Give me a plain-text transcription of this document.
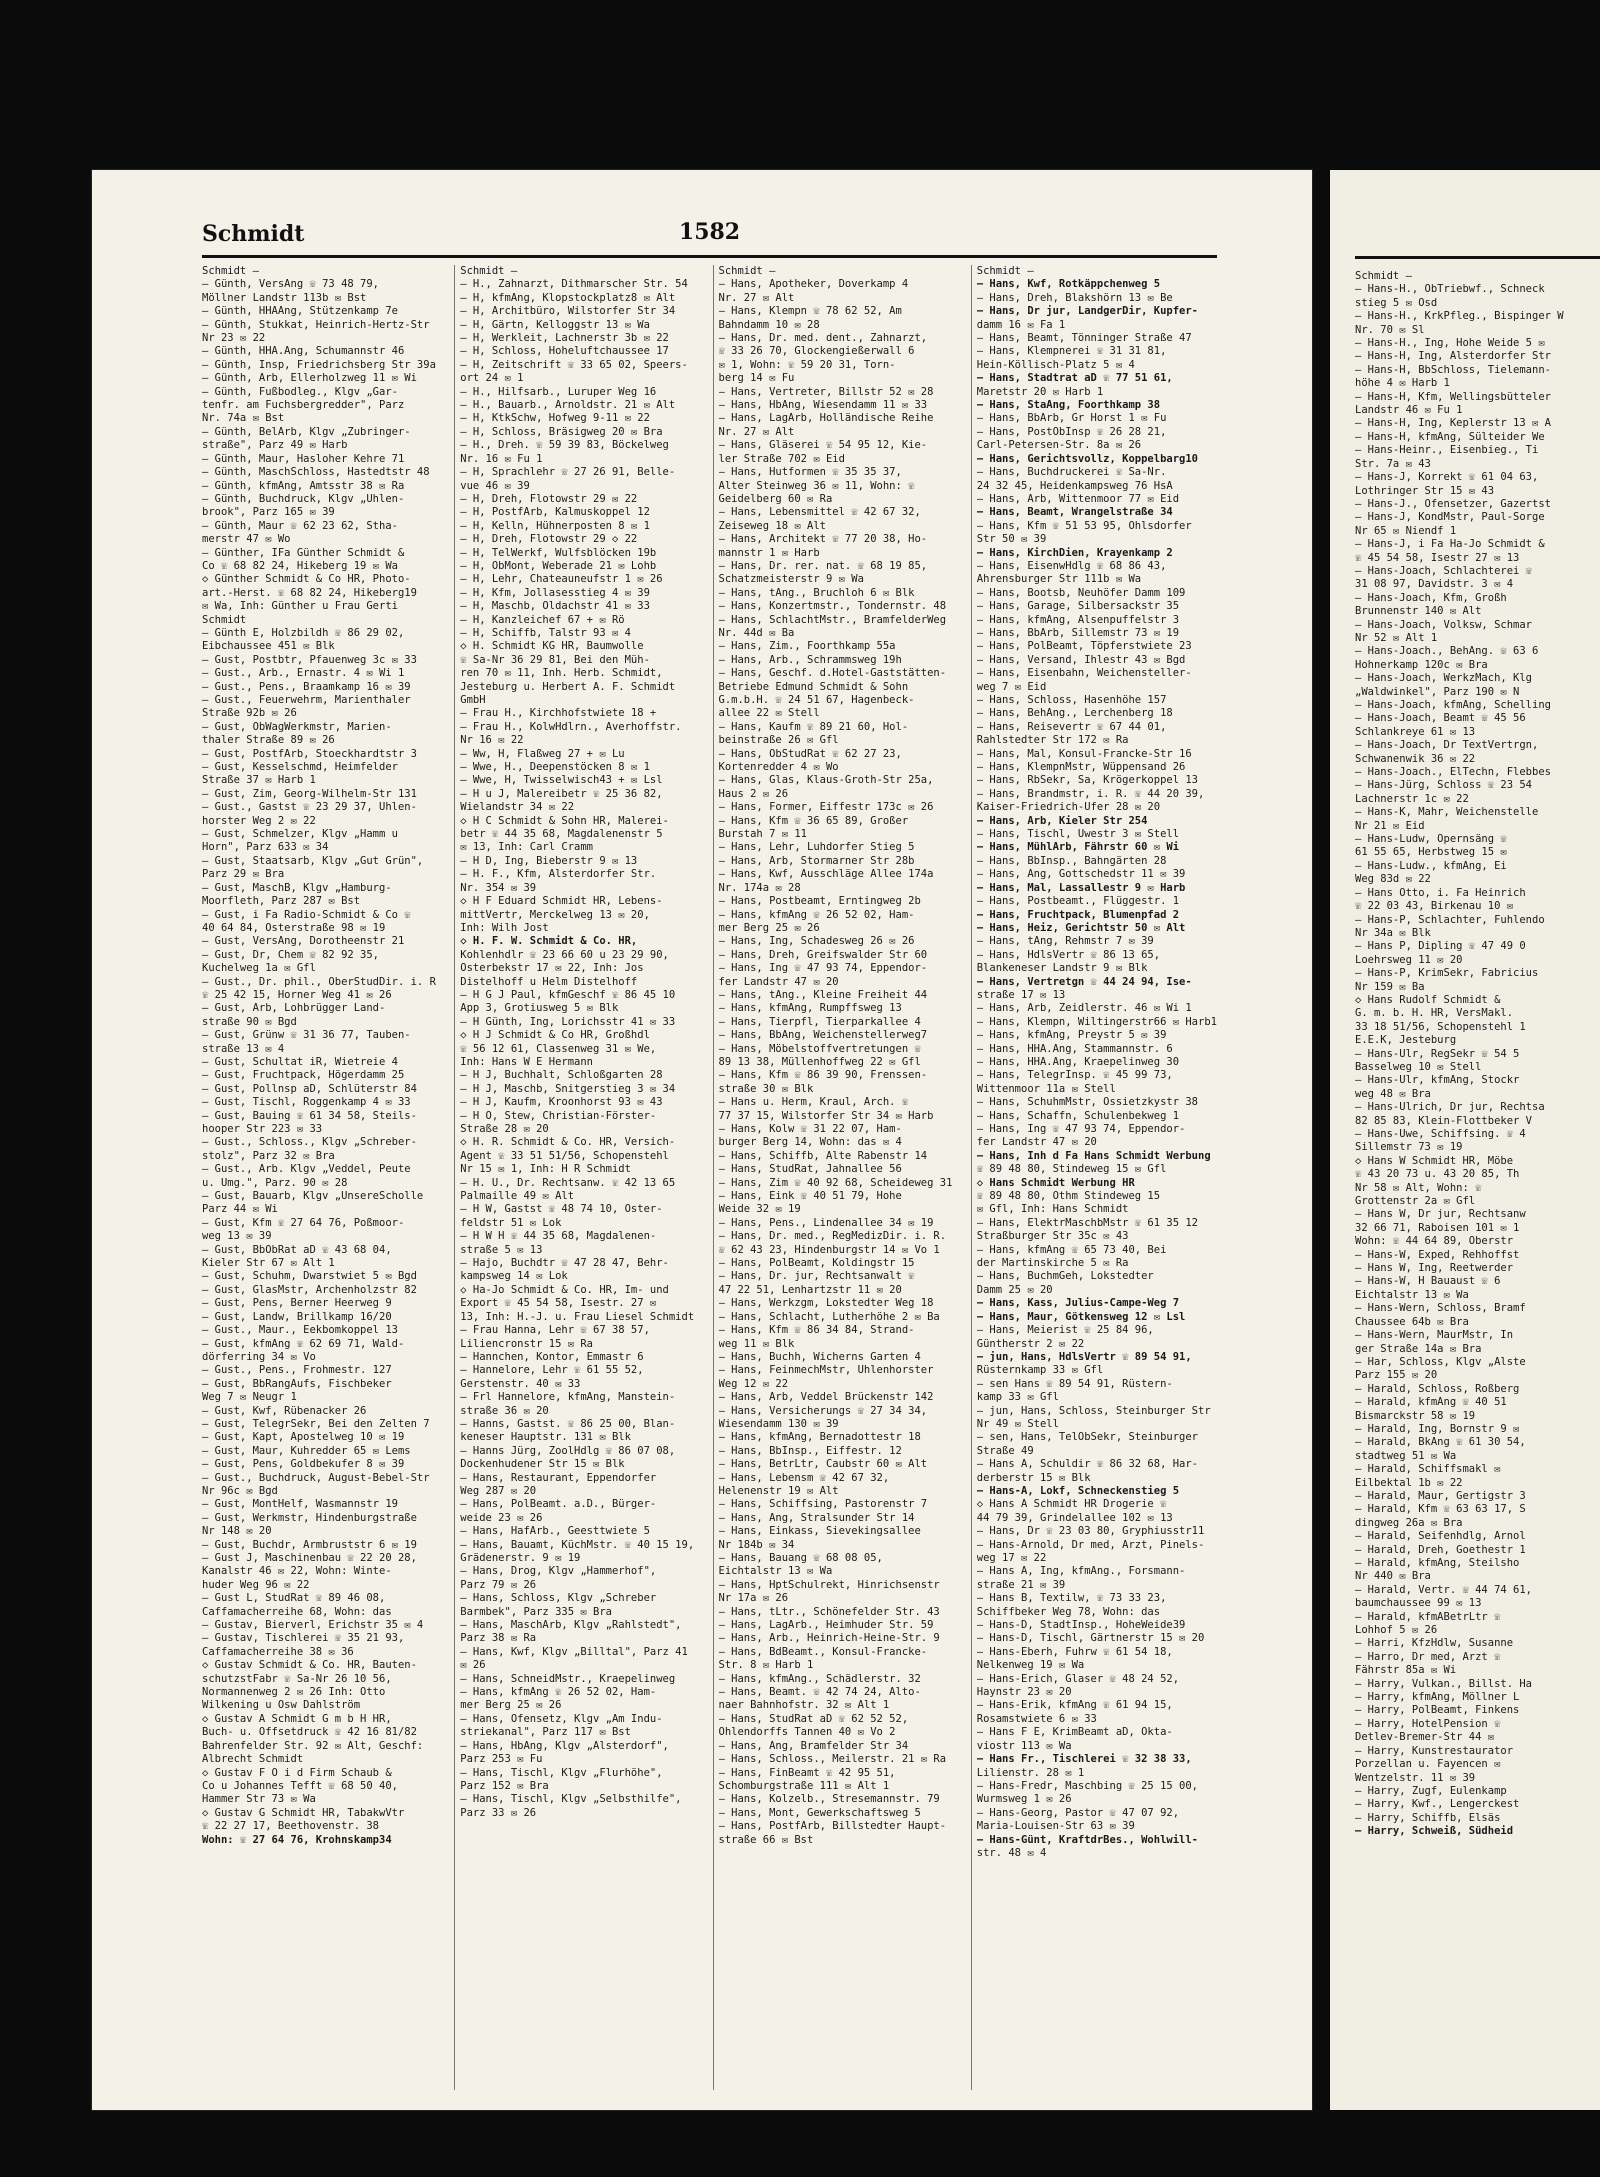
Schmidt	1582
Schmidt —
— Günth, VersAng ☏ 73 48 79,
Möllner Landstr 113b ✉ Bst
— Günth, HHAAng, Stützenkamp 7e
— Günth, Stukkat, Heinrich-Hertz-Str
Nr 23 ✉ 22
— Günth, HHA.Ang, Schumannstr 46
— Günth, Insp, Friedrichsberg Str 39a
— Günth, Arb, Ellerholzweg 11 ✉ Wi
— Günth, Fußbodleg., Klgv „Gar-
tenfr. am Fuchsbergredder", Parz
Nr. 74a ✉ Bst
— Günth, BelArb, Klgv „Zubringer-
straße", Parz 49 ✉ Harb
— Günth, Maur, Hasloher Kehre 71
— Günth, MaschSchloss, Hastedtstr 48
— Günth, kfmAng, Amtsstr 38 ✉ Ra
— Günth, Buchdruck, Klgv „Uhlen-
brook", Parz 165 ✉ 39
— Günth, Maur ☏ 62 23 62, Stha-
merstr 47 ✉ Wo
— Günther, IFa Günther Schmidt &
Co ☏ 68 82 24, Hikeberg 19 ✉ Wa
◇ Günther Schmidt & Co HR, Photo-
art.-Herst. ☏ 68 82 24, Hikeberg19
✉ Wa, Inh: Günther u Frau Gerti
Schmidt
— Günth E, Holzbildh ☏ 86 29 02,
Eibchaussee 451 ✉ Blk
— Gust, Postbtr, Pfauenweg 3c ✉ 33
— Gust., Arb., Ernastr. 4 ✉ Wi 1
— Gust., Pens., Braamkamp 16 ✉ 39
— Gust., Feuerwehrm, Marienthaler
Straße 92b ✉ 26
— Gust, ObWagWerkmstr, Marien-
thaler Straße 89 ✉ 26
— Gust, PostfArb, Stoeckhardtstr 3
— Gust, Kesselschmd, Heimfelder
Straße 37 ✉ Harb 1
— Gust, Zim, Georg-Wilhelm-Str 131
— Gust., Gastst ☏ 23 29 37, Uhlen-
horster Weg 2 ✉ 22
— Gust, Schmelzer, Klgv „Hamm u
Horn", Parz 633 ✉ 34
— Gust, Staatsarb, Klgv „Gut Grün",
Parz 29 ✉ Bra
— Gust, MaschB, Klgv „Hamburg-
Moorfleth, Parz 287 ✉ Bst
— Gust, i Fa Radio-Schmidt & Co ☏
40 64 84, Osterstraße 98 ✉ 19
— Gust, VersAng, Dorotheenstr 21
— Gust, Dr, Chem ☏ 82 92 35,
Kuchelweg 1a ✉ Gfl
— Gust., Dr. phil., OberStudDir. i. R
☏ 25 42 15, Horner Weg 41 ✉ 26
— Gust, Arb, Lohbrügger Land-
straße 90 ✉ Bgd
— Gust, Grünw ☏ 31 36 77, Tauben-
straße 13 ✉ 4
— Gust, Schultat iR, Wietreie 4
— Gust, Fruchtpack, Högerdamm 25
— Gust, Pollnsp aD, Schlüterstr 84
— Gust, Tischl, Roggenkamp 4 ✉ 33
— Gust, Bauing ☏ 61 34 58, Steils-
hooper Str 223 ✉ 33
— Gust., Schloss., Klgv „Schreber-
stolz", Parz 32 ✉ Bra
— Gust., Arb. Klgv „Veddel, Peute
u. Umg.", Parz. 90 ✉ 28
— Gust, Bauarb, Klgv „UnsereScholle
Parz 44 ✉ Wi
— Gust, Kfm ☏ 27 64 76, Poßmoor-
weg 13 ✉ 39
— Gust, BbObRat aD ☏ 43 68 04,
Kieler Str 67 ✉ Alt 1
— Gust, Schuhm, Dwarstwiet 5 ✉ Bgd
— Gust, GlasMstr, Archenholzstr 82
— Gust, Pens, Berner Heerweg 9
— Gust, Landw, Brillkamp 16/20
— Gust., Maur., Eekbomkoppel 13
— Gust, kfmAng ☏ 62 69 71, Wald-
dörferring 34 ✉ Vo
— Gust., Pens., Frohmestr. 127
— Gust, BbRangAufs, Fischbeker
Weg 7 ✉ Neugr 1
— Gust, Kwf, Rübenacker 26
— Gust, TelegrSekr, Bei den Zelten 7
— Gust, Kapt, Apostelweg 10 ✉ 19
— Gust, Maur, Kuhredder 65 ✉ Lems
— Gust, Pens, Goldbekufer 8 ✉ 39
— Gust., Buchdruck, August-Bebel-Str
Nr 96c ✉ Bgd
— Gust, MontHelf, Wasmannstr 19
— Gust, Werkmstr, Hindenburgstraße
Nr 148 ✉ 20
— Gust, Buchdr, Armbruststr 6 ✉ 19
— Gust J, Maschinenbau ☏ 22 20 28,
Kanalstr 46 ✉ 22, Wohn: Winte-
huder Weg 96 ✉ 22
— Gust L, StudRat ☏ 89 46 08,
Caffamacherreihe 68, Wohn: das
— Gustav, Bierverl, Erichstr 35 ✉ 4
— Gustav, Tischlerei ☏ 35 21 93,
Caffamacherreihe 38 ✉ 36
◇ Gustav Schmidt & Co. HR, Bauten-
schutzstFabr ☏ Sa-Nr 26 10 56,
Normannenweg 2 ✉ 26 Inh: Otto
Wilkening u Osw Dahlström
◇ Gustav A Schmidt G m b H HR,
Buch- u. Offsetdruck ☏ 42 16 81/82
Bahrenfelder Str. 92 ✉ Alt, Geschf:
Albrecht Schmidt
◇ Gustav F O i d Firm Schaub &
Co u Johannes Tefft ☏ 68 50 40,
Hammer Str 73 ✉ Wa
◇ Gustav G Schmidt HR, TabakwVtr
☏ 22 27 17, Beethovenstr. 38
Wohn: ☏ 27 64 76, Krohnskamp34
Schmidt —
— H., Zahnarzt, Dithmarscher Str. 54
— H, kfmAng, Klopstockplatz8 ✉ Alt
— H, Architbüro, Wilstorfer Str 34
— H, Gärtn, Kelloggstr 13 ✉ Wa
— H, Werkleit, Lachnerstr 3b ✉ 22
— H, Schloss, Hoheluftchaussee 17
— H, Zeitschrift ☏ 33 65 02, Speers-
ort 24 ✉ 1
— H., Hilfsarb., Luruper Weg 16
— H., Bauarb., Arnoldstr. 21 ✉ Alt
— H, KtkSchw, Hofweg 9-11 ✉ 22
— H, Schloss, Bräsigweg 20 ✉ Bra
— H., Dreh. ☏ 59 39 83, Böckelweg
Nr. 16 ✉ Fu 1
— H, Sprachlehr ☏ 27 26 91, Belle-
vue 46 ✉ 39
— H, Dreh, Flotowstr 29 ✉ 22
— H, PostfArb, Kalmuskoppel 12
— H, Kelln, Hühnerposten 8 ✉ 1
— H, Dreh, Flotowstr 29 ◇ 22
— H, TelWerkf, Wulfsblöcken 19b
— H, ObMont, Weberade 21 ✉ Lohb
— H, Lehr, Chateauneufstr 1 ✉ 26
— H, Kfm, Jollasesstieg 4 ✉ 39
— H, Maschb, Oldachstr 41 ✉ 33
— H, Kanzleichef 67 + ✉ Rö
— H, Schiffb, Talstr 93 ✉ 4
◇ H. Schmidt KG HR, Baumwolle
☏ Sa-Nr 36 29 81, Bei den Müh-
ren 70 ✉ 11, Inh. Herb. Schmidt,
Jesteburg u. Herbert A. F. Schmidt
GmbH
— Frau H., Kirchhofstwiete 18 +
— Frau H., KolwHdlrn., Averhoffstr.
Nr 16 ✉ 22
— Ww, H, Flaßweg 27 + ✉ Lu
— Wwe, H., Deepenstöcken 8 ✉ 1
— Wwe, H, Twisselwisch43 + ✉ Lsl
— H u J, Malereibetr ☏ 25 36 82,
Wielandstr 34 ✉ 22
◇ H C Schmidt & Sohn HR, Malerei-
betr ☏ 44 35 68, Magdalenenstr 5
✉ 13, Inh: Carl Cramm
— H D, Ing, Bieberstr 9 ✉ 13
— H. F., Kfm, Alsterdorfer Str.
Nr. 354 ✉ 39
◇ H F Eduard Schmidt HR, Lebens-
mittVertr, Merckelweg 13 ✉ 20,
Inh: Wilh Jost
◇ H. F. W. Schmidt & Co. HR,
Kohlenhdlr ☏ 23 66 60 u 23 29 90,
Osterbekstr 17 ✉ 22, Inh: Jos
Distelhoff u Helm Distelhoff
— H G J Paul, kfmGeschf ☏ 86 45 10
App 3, Grotiusweg 5 ✉ Blk
— H Günth, Ing, Lorichsstr 41 ✉ 33
◇ H J Schmidt & Co HR, Großhdl
☏ 56 12 61, Classenweg 31 ✉ We,
Inh: Hans W E Hermann
— H J, Buchhalt, Schloßgarten 28
— H J, Maschb, Snitgerstieg 3 ✉ 34
— H J, Kaufm, Kroonhorst 93 ✉ 43
— H O, Stew, Christian-Förster-
Straße 28 ✉ 20
◇ H. R. Schmidt & Co. HR, Versich-
Agent ☏ 33 51 51/56, Schopenstehl
Nr 15 ✉ 1, Inh: H R Schmidt
— H. U., Dr. Rechtsanw. ☏ 42 13 65
Palmaille 49 ✉ Alt
— H W, Gastst ☏ 48 74 10, Oster-
feldstr 51 ✉ Lok
— H W H ☏ 44 35 68, Magdalenen-
straße 5 ✉ 13
— Hajo, Buchdtr ☏ 47 28 47, Behr-
kampsweg 14 ✉ Lok
◇ Ha-Jo Schmidt & Co. HR, Im- und
Export ☏ 45 54 58, Isestr. 27 ✉
13, Inh: H.-J. u. Frau Liesel Schmidt
— Frau Hanna, Lehr ☏ 67 38 57,
Liliencronstr 15 ✉ Ra
— Hannchen, Kontor, Emmastr 6
— Hannelore, Lehr ☏ 61 55 52,
Gerstenstr. 40 ✉ 33
— Frl Hannelore, kfmAng, Manstein-
straße 36 ✉ 20
— Hanns, Gastst. ☏ 86 25 00, Blan-
keneser Hauptstr. 131 ✉ Blk
— Hanns Jürg, ZoolHdlg ☏ 86 07 08,
Dockenhudener Str 15 ✉ Blk
— Hans, Restaurant, Eppendorfer
Weg 287 ✉ 20
— Hans, PolBeamt. a.D., Bürger-
weide 23 ✉ 26
— Hans, HafArb., Geesttwiete 5
— Hans, Bauamt, KüchMstr. ☏ 40 15 19,
Grädenerstr. 9 ✉ 19
— Hans, Drog, Klgv „Hammerhof",
Parz 79 ✉ 26
— Hans, Schloss, Klgv „Schreber
Barmbek", Parz 335 ✉ Bra
— Hans, MaschArb, Klgv „Rahlstedt",
Parz 38 ✉ Ra
— Hans, Kwf, Klgv „Billtal", Parz 41
✉ 26
— Hans, SchneidMstr., Kraepelinweg
— Hans, kfmAng ☏ 26 52 02, Ham-
mer Berg 25 ✉ 26
— Hans, Ofensetz, Klgv „Am Indu-
striekanal", Parz 117 ✉ Bst
— Hans, HbAng, Klgv „Alsterdorf",
Parz 253 ✉ Fu
— Hans, Tischl, Klgv „Flurhöhe",
Parz 152 ✉ Bra
— Hans, Tischl, Klgv „Selbsthilfe",
Parz 33 ✉ 26
Schmidt —
— Hans, Apotheker, Doverkamp 4
Nr. 27 ✉ Alt
— Hans, Klempn ☏ 78 62 52, Am
Bahndamm 10 ✉ 28
— Hans, Dr. med. dent., Zahnarzt,
☏ 33 26 70, Glockengießerwall 6
✉ 1, Wohn: ☏ 59 20 31, Torn-
berg 14 ✉ Fu
— Hans, Vertreter, Billstr 52 ✉ 28
— Hans, HbAng, Wiesendamm 11 ✉ 33
— Hans, LagArb, Holländische Reihe
Nr. 27 ✉ Alt
— Hans, Gläserei ☏ 54 95 12, Kie-
ler Straße 702 ✉ Eid
— Hans, Hutformen ☏ 35 35 37,
Alter Steinweg 36 ✉ 11, Wohn: ☏
Geidelberg 60 ✉ Ra
— Hans, Lebensmittel ☏ 42 67 32,
Zeiseweg 18 ✉ Alt
— Hans, Architekt ☏ 77 20 38, Ho-
mannstr 1 ✉ Harb
— Hans, Dr. rer. nat. ☏ 68 19 85,
Schatzmeisterstr 9 ✉ Wa
— Hans, tAng., Bruchloh 6 ✉ Blk
— Hans, Konzertmstr., Tondernstr. 48
— Hans, SchlachtMstr., BramfelderWeg
Nr. 44d ✉ Ba
— Hans, Zim., Foorthkamp 55a
— Hans, Arb., Schrammsweg 19h
— Hans, Geschf. d.Hotel-Gaststätten-
Betriebe Edmund Schmidt & Sohn
G.m.b.H. ☏ 24 51 67, Hagenbeck-
allee 22 ✉ Stell
— Hans, Kaufm ☏ 89 21 60, Hol-
beinstraße 26 ✉ Gfl
— Hans, ObStudRat ☏ 62 27 23,
Kortenredder 4 ✉ Wo
— Hans, Glas, Klaus-Groth-Str 25a,
Haus 2 ✉ 26
— Hans, Former, Eiffestr 173c ✉ 26
— Hans, Kfm ☏ 36 65 89, Großer
Burstah 7 ✉ 11
— Hans, Lehr, Luhdorfer Stieg 5
— Hans, Arb, Stormarner Str 28b
— Hans, Kwf, Ausschläge Allee 174a
Nr. 174a ✉ 28
— Hans, Postbeamt, Erntingweg 2b
— Hans, kfmAng ☏ 26 52 02, Ham-
mer Berg 25 ✉ 26
— Hans, Ing, Schadesweg 26 ✉ 26
— Hans, Dreh, Greifswalder Str 60
— Hans, Ing ☏ 47 93 74, Eppendor-
fer Landstr 47 ✉ 20
— Hans, tAng., Kleine Freiheit 44
— Hans, kfmAng, Rumpffsweg 13
— Hans, Tierpfl, Tierparkallee 4
— Hans, BbAng, Weichenstellerweg7
— Hans, Möbelstoffvertretungen ☏
89 13 38, Müllenhoffweg 22 ✉ Gfl
— Hans, Kfm ☏ 86 39 90, Frenssen-
straße 30 ✉ Blk
— Hans u. Herm, Kraul, Arch. ☏
77 37 15, Wilstorfer Str 34 ✉ Harb
— Hans, Kolw ☏ 31 22 07, Ham-
burger Berg 14, Wohn: das ✉ 4
— Hans, Schiffb, Alte Rabenstr 14
— Hans, StudRat, Jahnallee 56
— Hans, Zim ☏ 40 92 68, Scheideweg 31
— Hans, Eink ☏ 40 51 79, Hohe
Weide 32 ✉ 19
— Hans, Pens., Lindenallee 34 ✉ 19
— Hans, Dr. med., RegMedizDir. i. R.
☏ 62 43 23, Hindenburgstr 14 ✉ Vo 1
— Hans, PolBeamt, Koldingstr 15
— Hans, Dr. jur, Rechtsanwalt ☏
47 22 51, Lenhartzstr 11 ✉ 20
— Hans, Werkzgm, Lokstedter Weg 18
— Hans, Schlacht, Lutherhöhe 2 ✉ Ba
— Hans, Kfm ☏ 86 34 84, Strand-
weg 11 ✉ Blk
— Hans, Buchh, Wicherns Garten 4
— Hans, FeinmechMstr, Uhlenhorster
Weg 12 ✉ 22
— Hans, Arb, Veddel Brückenstr 142
— Hans, Versicherungs ☏ 27 34 34,
Wiesendamm 130 ✉ 39
— Hans, kfmAng, Bernadottestr 18
— Hans, BbInsp., Eiffestr. 12
— Hans, BetrLtr, Caubstr 60 ✉ Alt
— Hans, Lebensm ☏ 42 67 32,
Helenenstr 19 ✉ Alt
— Hans, Schiffsing, Pastorenstr 7
— Hans, Ang, Stralsunder Str 14
— Hans, Einkass, Sievekingsallee
Nr 184b ✉ 34
— Hans, Bauang ☏ 68 08 05,
Eichtalstr 13 ✉ Wa
— Hans, HptSchulrekt, Hinrichsenstr
Nr 17a ✉ 26
— Hans, tLtr., Schönefelder Str. 43
— Hans, LagArb., Heimhuder Str. 59
— Hans, Arb., Heinrich-Heine-Str. 9
— Hans, BdBeamt., Konsul-Francke-
Str. 8 ✉ Harb 1
— Hans, kfmAng., Schädlerstr. 32
— Hans, Beamt. ☏ 42 74 24, Alto-
naer Bahnhofstr. 32 ✉ Alt 1
— Hans, StudRat aD ☏ 62 52 52,
Ohlendorffs Tannen 40 ✉ Vo 2
— Hans, Ang, Bramfelder Str 34
— Hans, Schloss., Meilerstr. 21 ✉ Ra
— Hans, FinBeamt ☏ 42 95 51,
Schomburgstraße 111 ✉ Alt 1
— Hans, Kolzelb., Stresemannstr. 79
— Hans, Mont, Gewerkschaftsweg 5
— Hans, PostfArb, Billstedter Haupt-
straße 66 ✉ Bst
Schmidt —
— Hans, Kwf, Rotkäppchenweg 5
— Hans, Dreh, Blakshörn 13 ✉ Be
— Hans, Dr jur, LandgerDir, Kupfer-
damm 16 ✉ Fa 1
— Hans, Beamt, Tönninger Straße 47
— Hans, Klempnerei ☏ 31 31 81,
Hein-Köllisch-Platz 5 ✉ 4
— Hans, Stadtrat aD ☏ 77 51 61,
Maretstr 20 ✉ Harb 1
— Hans, StaAng, Foorthkamp 38
— Hans, BbArb, Gr Horst 1 ✉ Fu
— Hans, PostObInsp ☏ 26 28 21,
Carl-Petersen-Str. 8a ✉ 26
— Hans, Gerichtsvollz, Koppelbarg10
— Hans, Buchdruckerei ☏ Sa-Nr.
24 32 45, Heidenkampsweg 76 HsA
— Hans, Arb, Wittenmoor 77 ✉ Eid
— Hans, Beamt, Wrangelstraße 34
— Hans, Kfm ☏ 51 53 95, Ohlsdorfer
Str 50 ✉ 39
— Hans, KirchDien, Krayenkamp 2
— Hans, EisenwHdlg ☏ 68 86 43,
Ahrensburger Str 111b ✉ Wa
— Hans, Bootsb, Neuhöfer Damm 109
— Hans, Garage, Silbersackstr 35
— Hans, kfmAng, Alsenpuffelstr 3
— Hans, BbArb, Sillemstr 73 ✉ 19
— Hans, PolBeamt, Töpferstwiete 23
— Hans, Versand, Ihlestr 43 ✉ Bgd
— Hans, Eisenbahn, Weichensteller-
weg 7 ✉ Eid
— Hans, Schloss, Hasenhöhe 157
— Hans, BehAng., Lerchenberg 18
— Hans, Reisevertr ☏ 67 44 01,
Rahlstedter Str 172 ✉ Ra
— Hans, Mal, Konsul-Francke-Str 16
— Hans, KlempnMstr, Wüppensand 26
— Hans, RbSekr, Sa, Krögerkoppel 13
— Hans, Brandmstr, i. R. ☏ 44 20 39,
Kaiser-Friedrich-Ufer 28 ✉ 20
— Hans, Arb, Kieler Str 254
— Hans, Tischl, Uwestr 3 ✉ Stell
— Hans, MühlArb, Fährstr 60 ✉ Wi
— Hans, BbInsp., Bahngärten 28
— Hans, Ang, Gottschedstr 11 ✉ 39
— Hans, Mal, Lassallestr 9 ✉ Harb
— Hans, Postbeamt., Flüggestr. 1
— Hans, Fruchtpack, Blumenpfad 2
— Hans, Heiz, Gerichtstr 50 ✉ Alt
— Hans, tAng, Rehmstr 7 ✉ 39
— Hans, HdlsVertr ☏ 86 13 65,
Blankeneser Landstr 9 ✉ Blk
— Hans, Vertretgn ☏ 44 24 94, Ise-
straße 17 ✉ 13
— Hans, Arb, Zeidlerstr. 46 ✉ Wi 1
— Hans, Klempn, Wiltingerstr66 ✉ Harb1
— Hans, kfmAng, Preystr 5 ✉ 39
— Hans, HHA.Ang, Stammannstr. 6
— Hans, HHA.Ang, Kraepelinweg 30
— Hans, TelegrInsp. ☏ 45 99 73,
Wittenmoor 11a ✉ Stell
— Hans, SchuhmMstr, Ossietzkystr 38
— Hans, Schaffn, Schulenbekweg 1
— Hans, Ing ☏ 47 93 74, Eppendor-
fer Landstr 47 ✉ 20
— Hans, Inh d Fa Hans Schmidt Werbung
☏ 89 48 80, Stindeweg 15 ✉ Gfl
◇ Hans Schmidt Werbung HR
☏ 89 48 80, Othm Stindeweg 15
✉ Gfl, Inh: Hans Schmidt
— Hans, ElektrMaschbMstr ☏ 61 35 12
Straßburger Str 35c ✉ 43
— Hans, kfmAng ☏ 65 73 40, Bei
der Martinskirche 5 ✉ Ra
— Hans, BuchmGeh, Lokstedter
Damm 25 ✉ 20
— Hans, Kass, Julius-Campe-Weg 7
— Hans, Maur, Götkensweg 12 ✉ Lsl
— Hans, Meierist ☏ 25 84 96,
Güntherstr 2 ✉ 22
— jun, Hans, HdlsVertr ☏ 89 54 91,
Rüsternkamp 33 ✉ Gfl
— sen Hans ☏ 89 54 91, Rüstern-
kamp 33 ✉ Gfl
— jun, Hans, Schloss, Steinburger Str
Nr 49 ✉ Stell
— sen, Hans, TelObSekr, Steinburger
Straße 49
— Hans A, Schuldir ☏ 86 32 68, Har-
derberstr 15 ✉ Blk
— Hans-A, Lokf, Schneckenstieg 5
◇ Hans A Schmidt HR Drogerie ☏
44 79 39, Grindelallee 102 ✉ 13
— Hans, Dr ☏ 23 03 80, Gryphiusstr11
— Hans-Arnold, Dr med, Arzt, Pinels-
weg 17 ✉ 22
— Hans A, Ing, kfmAng., Forsmann-
straße 21 ✉ 39
— Hans B, Textilw, ☏ 73 33 23,
Schiffbeker Weg 78, Wohn: das
— Hans-D, StadtInsp., HoheWeide39
— Hans-D, Tischl, Gärtnerstr 15 ✉ 20
— Hans-Eberh, Fuhrw ☏ 61 54 18,
Nelkenweg 19 ✉ Wa
— Hans-Erich, Glaser ☏ 48 24 52,
Haynstr 23 ✉ 20
— Hans-Erik, kfmAng ☏ 61 94 15,
Rosamstwiete 6 ✉ 33
— Hans F E, KrimBeamt aD, Okta-
viostr 113 ✉ Wa
— Hans Fr., Tischlerei ☏ 32 38 33,
Lilienstr. 28 ✉ 1
— Hans-Fredr, Maschbing ☏ 25 15 00,
Wurmsweg 1 ✉ 26
— Hans-Georg, Pastor ☏ 47 07 92,
Maria-Louisen-Str 63 ✉ 39
— Hans-Günt, KraftdrBes., Wohlwill-
str. 48 ✉ 4
Schmidt —
— Hans-H., ObTriebwf., Schneck
stieg 5 ✉ Osd
— Hans-H., KrkPfleg., Bispinger W
Nr. 70 ✉ Sl
— Hans-H., Ing, Hohe Weide 5 ✉
— Hans-H, Ing, Alsterdorfer Str
— Hans-H, BbSchloss, Tielemann-
höhe 4 ✉ Harb 1
— Hans-H, Kfm, Wellingsbütteler
Landstr 46 ✉ Fu 1
— Hans-H, Ing, Keplerstr 13 ✉ A
— Hans-H, kfmAng, Sülteider We
— Hans-Heinr., Eisenbieg., Ti
Str. 7a ✉ 43
— Hans-J, Korrekt ☏ 61 04 63,
Lothringer Str 15 ✉ 43
— Hans-J., Ofensetzer, Gazertst
— Hans-J, KondMstr, Paul-Sorge
Nr 65 ✉ Niendf 1
— Hans-J, i Fa Ha-Jo Schmidt &
☏ 45 54 58, Isestr 27 ✉ 13
— Hans-Joach, Schlachterei ☏
31 08 97, Davidstr. 3 ✉ 4
— Hans-Joach, Kfm, Großh
Brunnenstr 140 ✉ Alt
— Hans-Joach, Volksw, Schmar
Nr 52 ✉ Alt 1
— Hans-Joach., BehAng. ☏ 63 6
Hohnerkamp 120c ✉ Bra
— Hans-Joach, WerkzMach, Klg
„Waldwinkel", Parz 190 ✉ N
— Hans-Joach, kfmAng, Schelling
— Hans-Joach, Beamt ☏ 45 56
Schlankreye 61 ✉ 13
— Hans-Joach, Dr TextVertrgn,
Schwanenwik 36 ✉ 22
— Hans-Joach., ElTechn, Flebbes
— Hans-Jürg, Schloss ☏ 23 54
Lachnerstr 1c ✉ 22
— Hans-K, Mahr, Weichenstelle
Nr 21 ✉ Eid
— Hans-Ludw, Opernsäng ☏
61 55 65, Herbstweg 15 ✉
— Hans-Ludw., kfmAng, Ei
Weg 83d ✉ 22
— Hans Otto, i. Fa Heinrich
☏ 22 03 43, Birkenau 10 ✉
— Hans-P, Schlachter, Fuhlendo
Nr 34a ✉ Blk
— Hans P, Dipling ☏ 47 49 0
Loehrsweg 11 ✉ 20
— Hans-P, KrimSekr, Fabricius
Nr 159 ✉ Ba
◇ Hans Rudolf Schmidt &
G. m. b. H. HR, VersMakl.
33 18 51/56, Schopenstehl 1
E.E.K, Jesteburg
— Hans-Ulr, RegSekr ☏ 54 5
Basselweg 10 ✉ Stell
— Hans-Ulr, kfmAng, Stockr
weg 48 ✉ Bra
— Hans-Ulrich, Dr jur, Rechtsa
82 85 83, Klein-Flottbeker V
— Hans-Uwe, Schiffsing. ☏ 4
Sillemstr 73 ✉ 19
◇ Hans W Schmidt HR, Möbe
☏ 43 20 73 u. 43 20 85, Th
Nr 58 ✉ Alt, Wohn: ☏
Grottenstr 2a ✉ Gfl
— Hans W, Dr jur, Rechtsanw
32 66 71, Raboisen 101 ✉ 1
Wohn: ☏ 44 64 89, Oberstr
— Hans-W, Exped, Rehhoffst
— Hans W, Ing, Reetwerder
— Hans-W, H Bauaust ☏ 6
Eichtalstr 13 ✉ Wa
— Hans-Wern, Schloss, Bramf
Chaussee 64b ✉ Bra
— Hans-Wern, MaurMstr, In
ger Straße 14a ✉ Bra
— Har, Schloss, Klgv „Alste
Parz 155 ✉ 20
— Harald, Schloss, Roßberg
— Harald, kfmAng ☏ 40 51
Bismarckstr 58 ✉ 19
— Harald, Ing, Bornstr 9 ✉
— Harald, BkAng ☏ 61 30 54,
stadtweg 51 ✉ Wa
— Harald, Schiffsmakl ✉
Eilbektal 1b ✉ 22
— Harald, Maur, Gertigstr 3
— Harald, Kfm ☏ 63 63 17, S
dingweg 26a ✉ Bra
— Harald, Seifenhdlg, Arnol
— Harald, Dreh, Goethestr 1
— Harald, kfmAng, Steilsho
Nr 440 ✉ Bra
— Harald, Vertr. ☏ 44 74 61,
baumchaussee 99 ✉ 13
— Harald, kfmABetrLtr ☏
Lohhof 5 ✉ 26
— Harri, KfzHdlw, Susanne
— Harro, Dr med, Arzt ☏
Fährstr 85a ✉ Wi
— Harry, Vulkan., Billst. Ha
— Harry, kfmAng, Möllner L
— Harry, PolBeamt, Finkens
— Harry, HotelPension ☏
Detlev-Bremer-Str 44 ✉
— Harry, Kunstrestaurator
Porzellan u. Fayencen ✉
Wentzelstr. 11 ✉ 39
— Harry, Zugf, Eulenkamp
— Harry, Kwf., Lengerckest
— Harry, Schiffb, Elsäs
— Harry, Schweiß, Südheid
